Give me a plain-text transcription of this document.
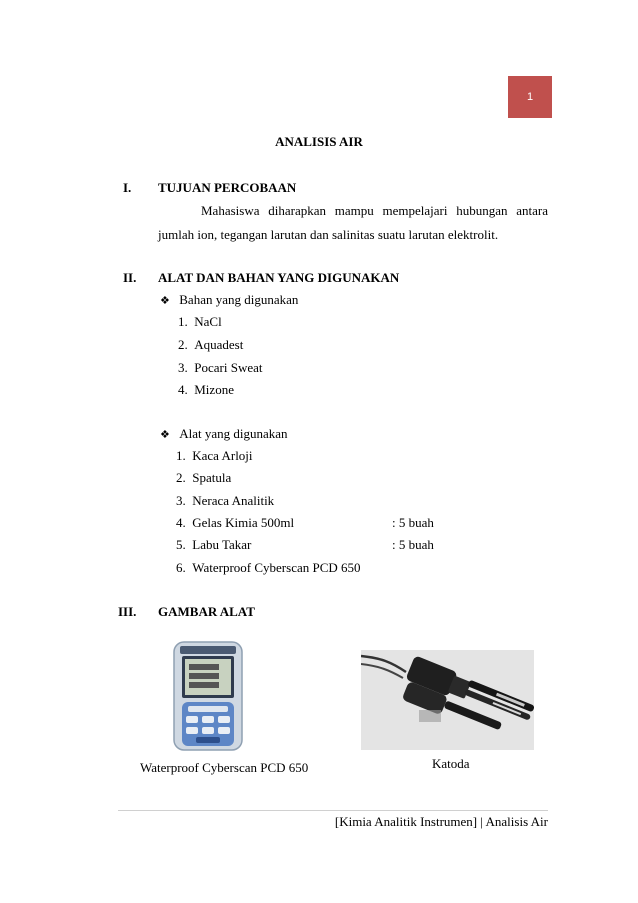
1
ANALISIS AIR
I. TUJUAN PERCOBAAN
Mahasiswa diharapkan mampu mempelajari hubungan antara
jumlah ion, tegangan larutan dan salinitas suatu larutan elektrolit.
II. ALAT DAN BAHAN YANG DIGUNAKAN
❖ Bahan yang digunakan
1.  NaCl
2.  Aquadest
3.  Pocari Sweat
4.  Mizone
❖ Alat yang digunakan
1. Kaca Arloji
2. Spatula
3. Neraca Analitik
4. Gelas Kimia 500ml	: 5 buah
5. Labu Takar	: 5 buah
6. Waterproof Cyberscan PCD 650
III. GAMBAR ALAT
Waterproof Cyberscan PCD 650	Katoda
[Kimia Analitik Instrumen] | Analisis Air
